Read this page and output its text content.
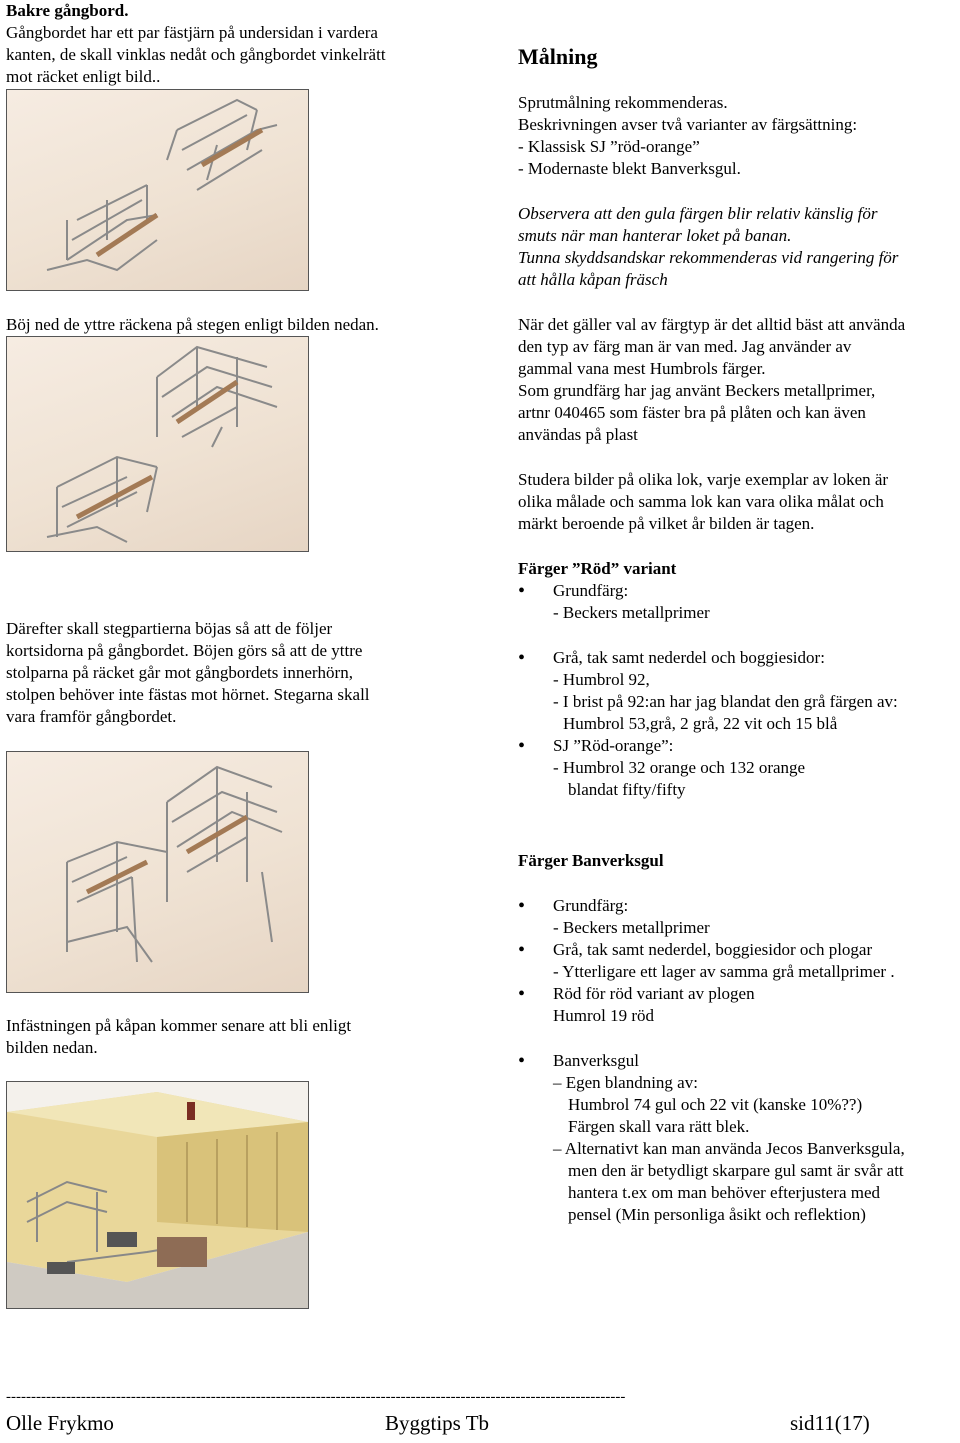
Bakre gångbord.
Gångbordet har ett par fästjärn på undersidan i vardera
kanten, de skall vinklas nedåt och gångbordet vinkelrätt
mot räcket enligt bild..
Böj ned de yttre räckena på stegen enligt bilden nedan.
Därefter skall stegpartierna böjas så att de följer
kortsidorna på gångbordet. Böjen görs så att de yttre
stolparna på räcket går mot gångbordets innerhörn,
stolpen behöver inte fästas mot hörnet. Stegarna skall
vara framför gångbordet.
Infästningen på kåpan kommer senare att bli enligt
bilden nedan.
Målning
Sprutmålning rekommenderas.
Beskrivningen avser två varianter av färgsättning:
- Klassisk SJ ”röd-orange”
- Modernaste blekt Banverksgul.
Observera att den gula färgen blir relativ känslig för
smuts när man hanterar loket på banan.
Tunna skyddsandskar rekommenderas vid rangering för
att hålla kåpan fräsch
När det gäller val av färgtyp är det alltid bäst att använda
den typ av färg man är van med. Jag använder av
gammal vana mest Humbrols färger.
Som grundfärg har jag använt Beckers metallprimer,
artnr 040465 som fäster bra på plåten och kan även
användas på plast
Studera bilder på olika lok, varje exemplar av loken är
olika målade och samma lok kan vara olika målat och
märkt beroende på vilket år bilden är tagen.
Färger ”Röd” variant
• Grundfärg:
- Beckers metallprimer
• Grå, tak samt nederdel och boggiesidor:
- Humbrol 92,
- I brist på 92:an har jag blandat den grå färgen av:
Humbrol 53,grå, 2 grå, 22 vit och 15 blå
• SJ ”Röd-orange”:
- Humbrol 32 orange och 132 orange
blandat fifty/fifty
Färger Banverksgul
• Grundfärg:
- Beckers metallprimer
• Grå, tak samt nederdel, boggiesidor och plogar
- Ytterligare ett lager av samma grå metallprimer .
• Röd för röd variant av plogen
Humrol 19 röd
• Banverksgul
– Egen blandning av:
Humbrol 74 gul och 22 vit (kanske 10%??)
Färgen skall vara rätt blek.
– Alternativt kan man använda Jecos Banverksgula,
men den är betydligt skarpare gul samt är svår att
hantera t.ex om man behöver efterjustera med
pensel (Min personliga åsikt och reflektion)
----------------------------------------------------------------------------------------------------------------------------
Olle Frykmo	Byggtips Tb	sid11(17)
